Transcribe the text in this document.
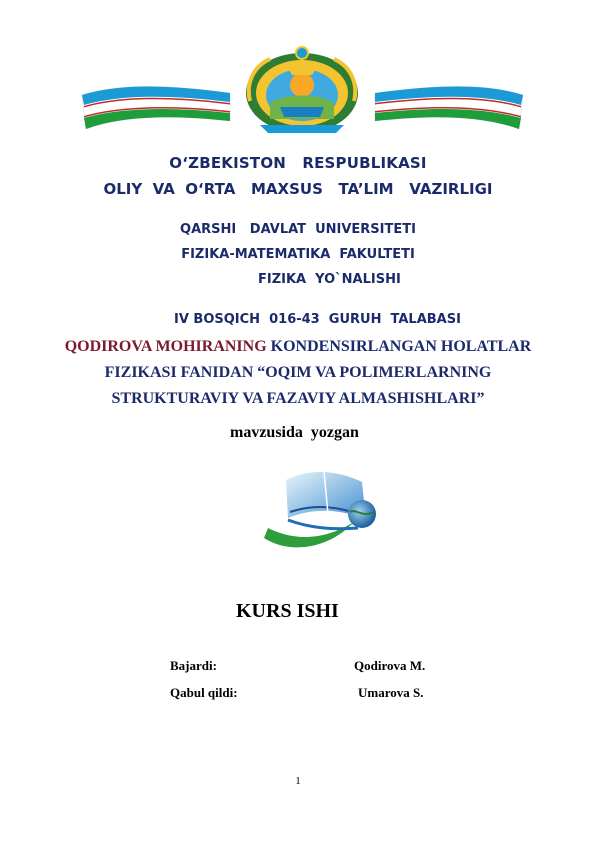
O‘ZBEKISTON   RESPUBLIKASI
OLIY  VA  O‘RTA   MAXSUS   TA’LIM   VAZIRLIGI
QARSHI   DAVLAT  UNIVERSITETI
FIZIKA-MATEMATIKA  FAKULTETI
FIZIKA  YO`NALISHI
IV BOSQICH  016-43  GURUH  TALABASI
QODIROVA MOHIRANING KONDENSIRLANGAN HOLATLAR
FIZIKASI FANIDAN “OQIM VA POLIMERLARNING
STRUKTURAVIY VA FAZAVIY ALMASHISHLARI”
mavzusida  yozgan
KURS ISHI
Bajardi:	Qodirova M.
Qabul qildi:	Umarova S.
1
